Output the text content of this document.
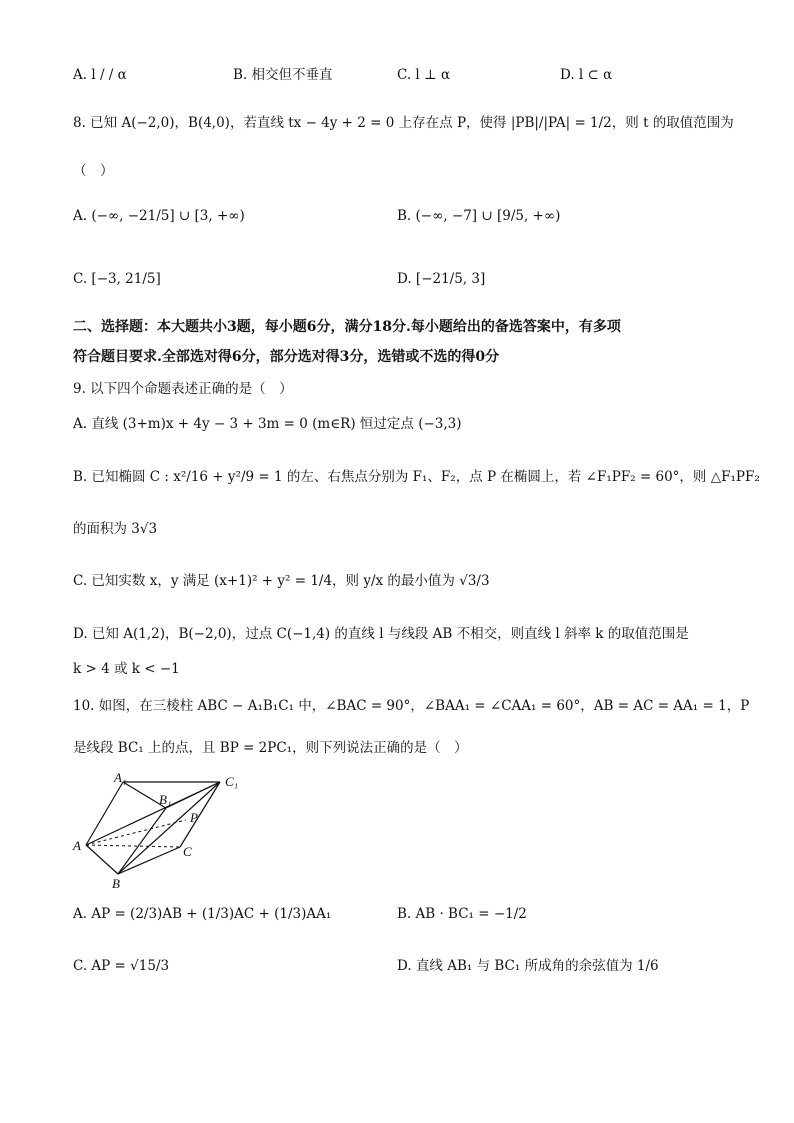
A. l / / α	B. 相交但不垂直	C. l ⊥ α	D. l ⊂ α
8. 已知 A(−2,0)，B(4,0)，若直线 tx − 4y + 2 = 0 上存在点 P，使得 |PB|/|PA| = 1/2，则 t 的取值范围为
（　）
A. (−∞, −21/5] ∪ [3, +∞)	B. (−∞, −7] ∪ [9/5, +∞)
C. [−3, 21/5]	D. [−21/5, 3]
二、选择题：本大题共小3题，每小题6分，满分18分.每小题给出的备选答案中，有多项
符合题目要求.全部选对得6分，部分选对得3分，选错或不选的得0分
9. 以下四个命题表述正确的是（　）
A. 直线 (3+m)x + 4y − 3 + 3m = 0 (m∈R) 恒过定点 (−3,3)
B. 已知椭圆 C : x²/16 + y²/9 = 1 的左、右焦点分别为 F₁、F₂，点 P 在椭圆上，若 ∠F₁PF₂ = 60°，则 △F₁PF₂
的面积为 3√3
C. 已知实数 x，y 满足 (x+1)² + y² = 1/4，则 y/x 的最小值为 √3/3
D. 已知 A(1,2)，B(−2,0)，过点 C(−1,4) 的直线 l 与线段 AB 不相交，则直线 l 斜率 k 的取值范围是
k > 4 或 k < −1
10. 如图，在三棱柱 ABC − A₁B₁C₁ 中，∠BAC = 90°，∠BAA₁ = ∠CAA₁ = 60°，AB = AC = AA₁ = 1，P
是线段 BC₁ 上的点，且 BP = 2PC₁，则下列说法正确的是（　）
A₁
B₁
C₁
P
A	C
B
A. AP = (2/3)AB + (1/3)AC + (1/3)AA₁	B. AB · BC₁ = −1/2
C. AP = √15/3	D. 直线 AB₁ 与 BC₁ 所成角的余弦值为 1/6
